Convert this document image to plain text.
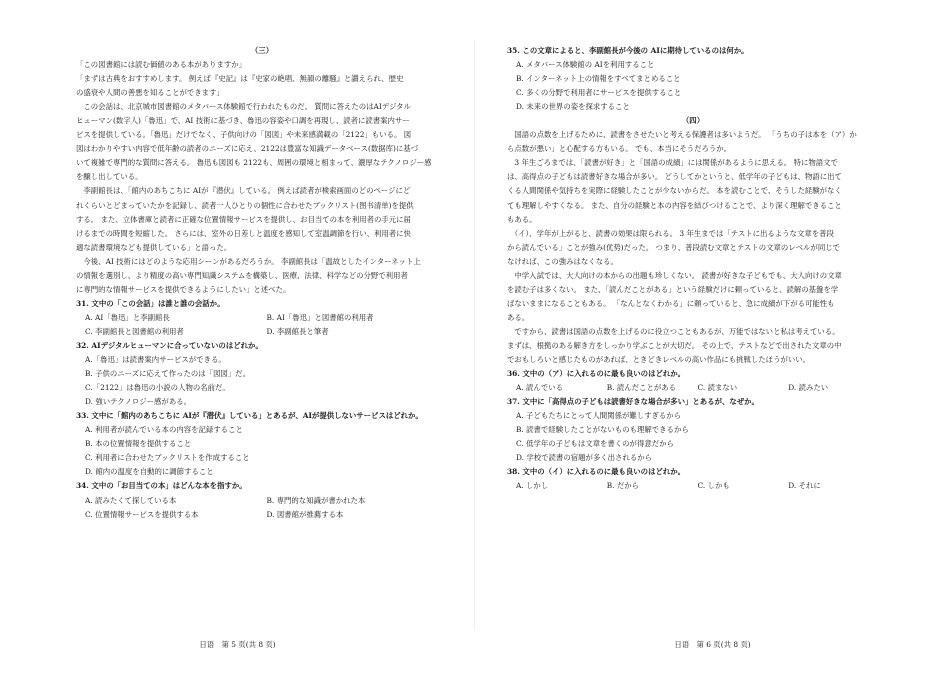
（三）
「この図書館には読む価値のある本がありますか」
「まずは古典をおすすめします。 例えば『史記』は『史家の絶唱、無韻の離騒』と讃えられ、歴史
の盛衰や人間の善悪を知ることができます」
　この会話は、北京城市図書館のメタバース体験館で行われたものだ。 質問に答えたのはAIデジタル
ヒューマン(数字人)「魯迅」で、AI 技術に基づき、魯迅の容姿や口調を再現し、読者に読書案内サー
ビスを提供している。「魯迅」だけでなく、子供向けの「図図」や未来感満載の「2122」もいる。 図
図はわかりやすい内容で低年齢の読者のニーズに応え、2122は豊富な知識データベース(数据库)に基づ
いて複雑で専門的な質問に答える。 魯迅も図図も 2122も、周囲の環境と相まって、濃厚なテクノロジー感
を醸し出している。
　李副館長は、「館内のあちこちに AIが『潜伏』している。 例えば読者が検索画面のどのページにど
れくらいとどまっていたかを記録し、読者一人ひとりの個性に合わせたブックリスト(图书清单)を提供
する。 また、立体書庫と読者に正確な位置情報サービスを提供し、お目当ての本を利用者の手元に届
けるまでの時間を短縮した。 さらには、室外の日差しと温度を感知して室温調節を行い、利用者に快
適な読書環境なども提供している」と語った。
　今後、AI 技術にはどのような応用シーンがあるだろうか。 李副館長は「温故としたインターネット上
の情報を選別し、より精度の高い専門知識システムを構築し、医療、法律、科学などの分野で利用者
に専門的な情報サービスを提供できるようにしたい」と述べた。
31. 文中の「この会話」は誰と誰の会話か。
A. AI「魯迅」と李副館長	B. AI「魯迅」と図書館の利用者
C. 李副館長と図書館の利用者	D. 李副館長と筆者
32. AIデジタルヒューマンに合っていないのはどれか。
A.「魯迅」は読書案内サービスができる。
B. 子供のニーズに応えて作ったのは「図図」だ。
C.「2122」は魯迅の小説の人物の名前だ。
D. 強いテクノロジー感がある。
33. 文中に「館内のあちこちに AIが『潜伏』している」とあるが、AIが提供しないサービスはどれか。
A. 利用者が読んでいる本の内容を記録すること
B. 本の位置情報を提供すること
C. 利用者に合わせたブックリストを作成すること
D. 館内の温度を自動的に調節すること
34. 文中の「お目当ての本」はどんな本を指すか。
A. 読みたくて探している本	B. 専門的な知識が書かれた本
C. 位置情報サービスを提供する本	D. 図書館が推薦する本
日语　第 5 页(共 8 页)
35. この文章によると、李副館長が今後の AIに期待しているのは何か。
A. メタバース体験館の AIを利用すること
B. インターネット上の情報をすべてまとめること
C. 多くの分野で利用者にサービスを提供すること
D. 未来の世界の姿を探求すること
（四）
　国語の点数を上げるために、読書をさせたいと考える保護者は多いようだ。 「うちの子は本を（ア）か
ら点数が悪い」と心配する方もいる。 でも、本当にそうだろうか。
　3 年生ごろまでは、「読書が好き」と「国語の成績」には関係があるように思える。 特に物語文で
は、高得点の子どもは読書好きな場合が多い。 どうしてかというと、低学年の子どもは、物語に出て
くる人間関係や気持ちを実際に経験したことが少ないからだ。 本を読むことで、そうした経験がなく
ても理解しやすくなる。 また、自分の経験と本の内容を結びつけることで、より深く理解できること
もある。
　（イ）、学年が上がると、読書の効果は限られる。 3 年生までは「テストに出るような文章を普段
から読んでいる」ことが強み(优势)だった。 つまり、普段読む文章とテストの文章のレベルが同じで
なければ、この強みはなくなる。
　中学入試では、大人向けの本からの出題も珍しくない。 読書が好きな子どもでも、大人向けの文章
を読む子は多くない。 また、「読んだことがある」という経験だけに頼っていると、読解の基盤を学
ばないままになることもある。 「なんとなくわかる」に頼っていると、急に成績が下がる可能性も
ある。
　ですから、読書は国語の点数を上げるのに役立つこともあるが、万能ではないと私は考えている。
まずは、根拠のある解き方をしっかり学ぶことが大切だ。 その上で、テストなどで出された文章の中
でおもしろいと感じたものがあれば、ときどきレベルの高い作品にも挑戦したほうがいい。
36. 文中の（ア）に入れるのに最も良いのはどれか。
A. 読んでいる	B. 読んだことがある	C. 読まない	D. 読みたい
37. 文中に「高得点の子どもは読書好きな場合が多い」とあるが、なぜか。
A. 子どもたちにとって人間関係が難しすぎるから
B. 読書で経験したことがないものも理解できるから
C. 低学年の子どもは文章を書くのが得意だから
D. 学校で読書の宿題が多く出されるから
38. 文中の（イ）に入れるのに最も良いのはどれか。
A. しかし	B. だから	C. しかも	D. それに
日语　第 6 页(共 8 页)
